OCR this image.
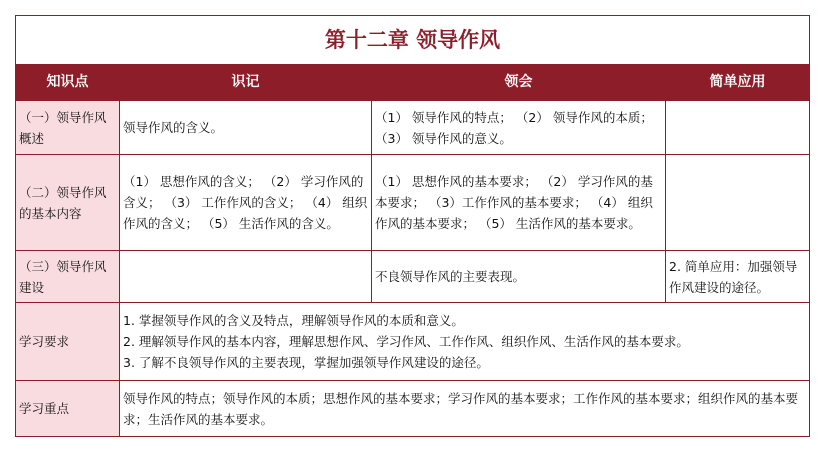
第十二章 领导作风			
知识点	识记	领会	简单应用
（一）领导作风概述	领导作风的含义。	（1） 领导作风的特点； （2） 领导作风的本质； （3） 领导作风的意义。	
（二）领导作风的基本内容	（1） 思想作风的含义； （2） 学习作风的含义； （3） 工作作风的含义； （4） 组织作风的含义； （5） 生活作风的含义。	（1） 思想作风的基本要求； （2） 学习作风的基本要求； （3）工作作风的基本要求； （4） 组织作风的基本要求； （5） 生活作风的基本要求。	
（三）领导作风建设		不良领导作风的主要表现。	2. 简单应用：加强领导作风建设的途径。
学习要求	1. 掌握领导作风的含义及特点，理解领导作风的本质和意义。
2. 理解领导作风的基本内容，理解思想作风、学习作风、工作作风、组织作风、生活作风的基本要求。
3. 了解不良领导作风的主要表现，掌握加强领导作风建设的途径。		

学习重点	领导作风的特点；领导作风的本质；思想作风的基本要求；学习作风的基本要求；工作作风的基本要求；组织作风的基本要求；生活作风的基本要求。		
